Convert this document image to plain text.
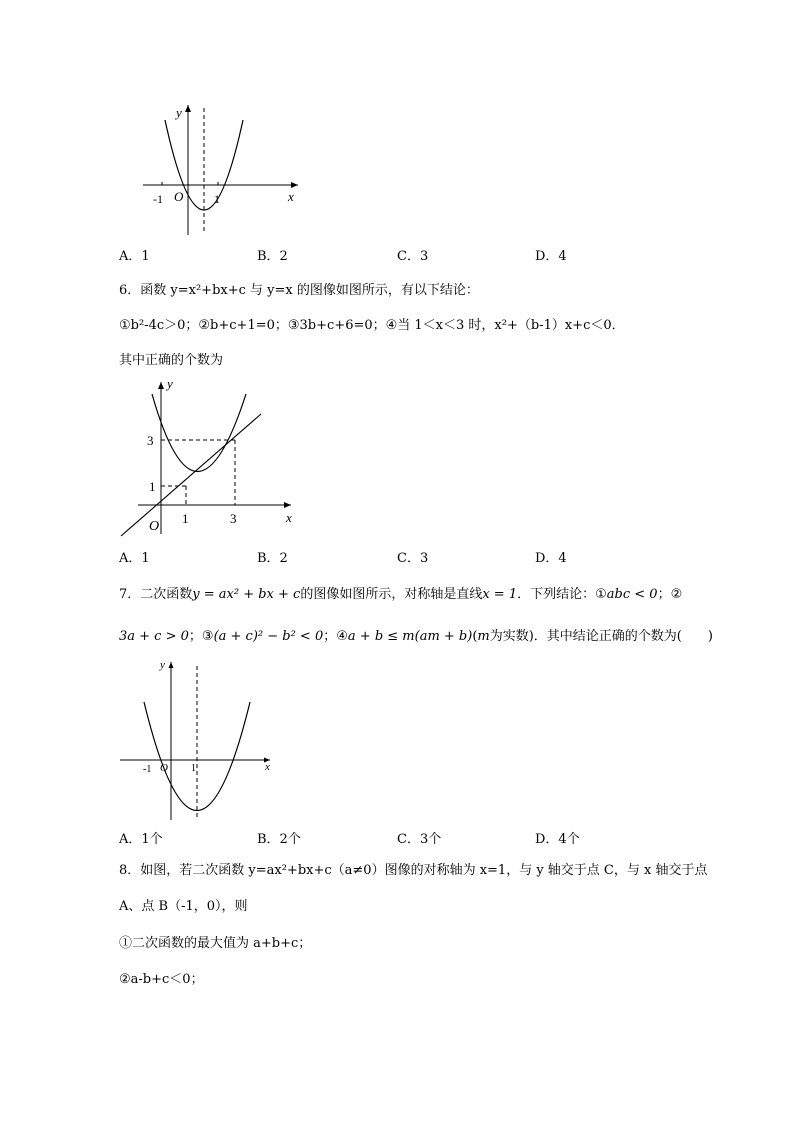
y
x
O
-1	1
A．1	B．2	C．3	D．4
6．函数 y=x²+bx+c 与 y=x 的图像如图所示，有以下结论：
①b²-4c＞0；②b+c+1=0；③3b+c+6=0；④当 1＜x＜3 时，x²+（b-1）x+c＜0．
其中正确的个数为
y
x
O
3
1
1	3
A．1	B．2	C．3	D．4
7．二次函数y = ax² + bx + c的图像如图所示，对称轴是直线x = 1．下列结论：①abc < 0；②
3a + c > 0；③(a + c)² − b² < 0；④a + b ≤ m(am + b)(m为实数)．其中结论正确的个数为(　　)
y
x
O
-1	1
A．1个	B．2个	C．3个	D．4个
8．如图，若二次函数 y=ax²+bx+c（a≠0）图像的对称轴为 x=1，与 y 轴交于点 C，与 x 轴交于点
A、点 B（-1，0），则
①二次函数的最大值为 a+b+c；
②a-b+c＜0；
